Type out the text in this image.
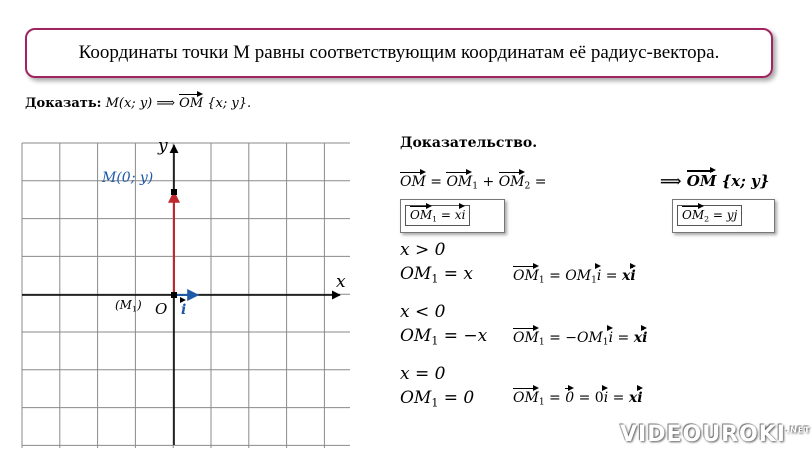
Координаты точки М равны соответствующим координатам её радиус-вектора.
Доказать: M(x; y) ⟹ OM {x; y}.
y
x
M(0; y)
O
$(M_1)$	i
Доказательство.
OM = $OM_1 + OM_2$ =	⟹ OM {x; y}
$OM_1$ = xi	$OM_2$ = yj
x > 0
$OM_1 = x$	$OM_1 = OM_1i$ = xi
x < 0
$OM_1 = -x$ $OM_1 = -OM_1i$ = xi
x = 0
$OM_1 = 0$	$OM_1 = 0 = 0i$ = xi
$VIDEOUROKI^{.NET}$
